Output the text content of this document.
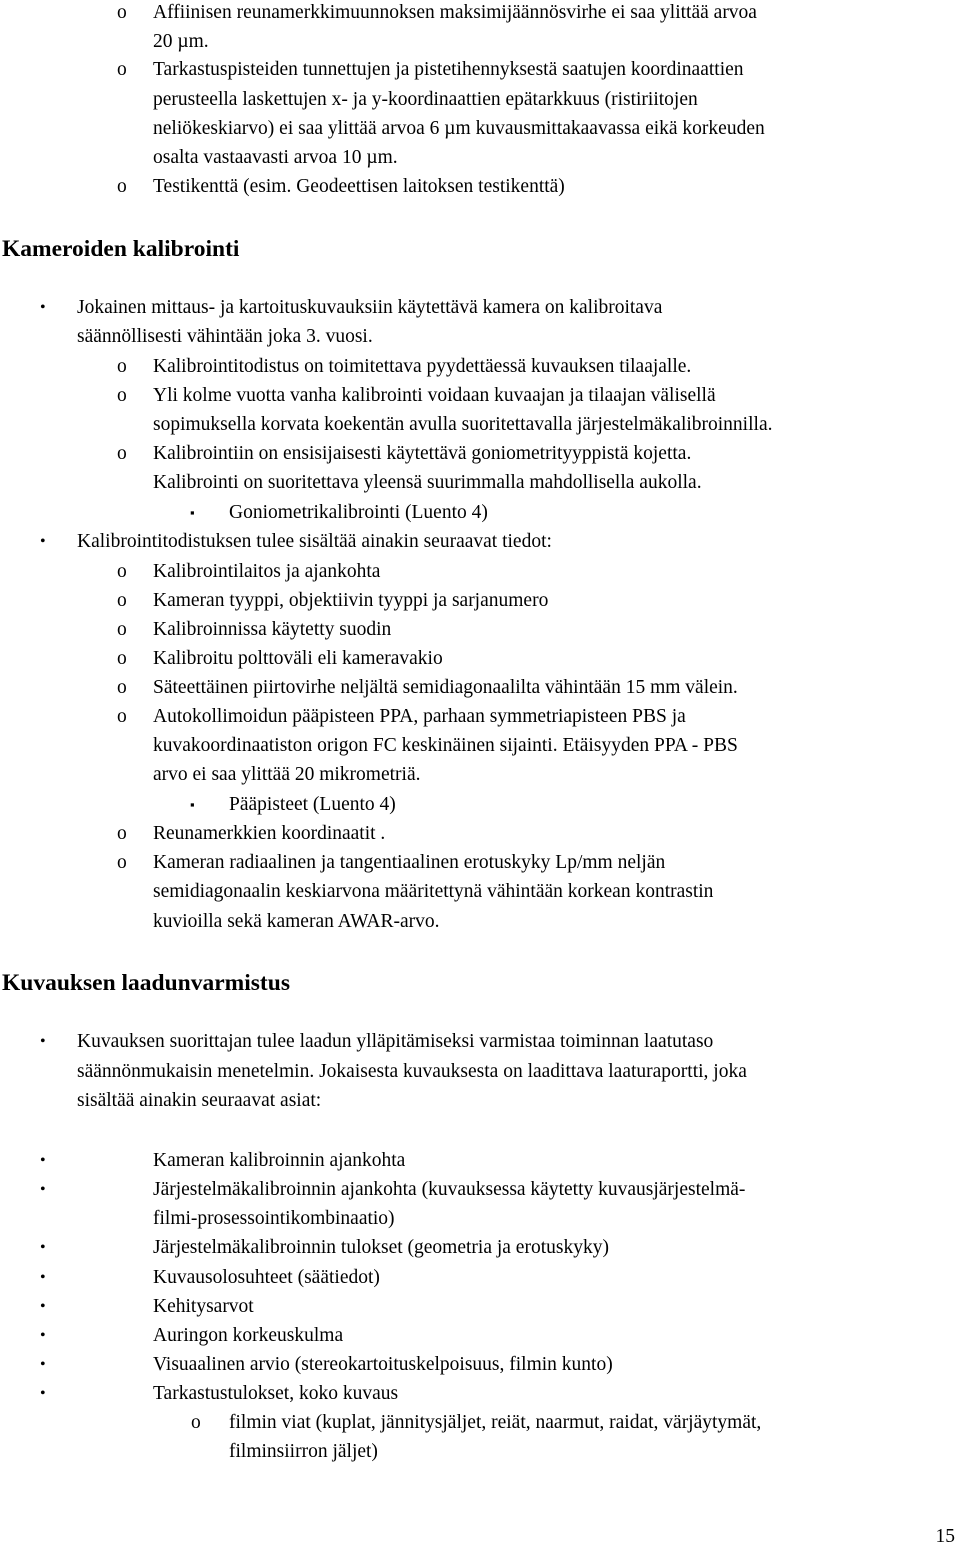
o Affiinisen reunamerkkimuunnoksen maksimijäännösvirhe ei saa ylittää arvoa
20 µm.
o Tarkastuspisteiden tunnettujen ja pistetihennyksestä saatujen koordinaattien
perusteella laskettujen x- ja y-koordinaattien epätarkkuus (ristiriitojen
neliökeskiarvo) ei saa ylittää arvoa 6 µm kuvausmittakaavassa eikä korkeuden
osalta vastaavasti arvoa 10 µm.
o Testikenttä (esim. Geodeettisen laitoksen testikenttä)
Kameroiden kalibrointi
• Jokainen mittaus- ja kartoituskuvauksiin käytettävä kamera on kalibroitava
säännöllisesti vähintään joka 3. vuosi.
o Kalibrointitodistus on toimitettava pyydettäessä kuvauksen tilaajalle.
o Yli kolme vuotta vanha kalibrointi voidaan kuvaajan ja tilaajan välisellä
sopimuksella korvata koekentän avulla suoritettavalla järjestelmäkalibroinnilla.
o Kalibrointiin on ensisijaisesti käytettävä goniometrityyppistä kojetta.
Kalibrointi on suoritettava yleensä suurimmalla mahdollisella aukolla.
▪ Goniometrikalibrointi (Luento 4)
• Kalibrointitodistuksen tulee sisältää ainakin seuraavat tiedot:
o Kalibrointilaitos ja ajankohta
o Kameran tyyppi, objektiivin tyyppi ja sarjanumero
o Kalibroinnissa käytetty suodin
o Kalibroitu polttoväli eli kameravakio
o Säteettäinen piirtovirhe neljältä semidiagonaalilta vähintään 15 mm välein.
o Autokollimoidun pääpisteen PPA, parhaan symmetriapisteen PBS ja
kuvakoordinaatiston origon FC keskinäinen sijainti. Etäisyyden PPA - PBS
arvo ei saa ylittää 20 mikrometriä.
▪ Pääpisteet (Luento 4)
o Reunamerkkien koordinaatit .
o Kameran radiaalinen ja tangentiaalinen erotuskyky Lp/mm neljän
semidiagonaalin keskiarvona määritettynä vähintään korkean kontrastin
kuvioilla sekä kameran AWAR-arvo.
Kuvauksen laadunvarmistus
• Kuvauksen suorittajan tulee laadun ylläpitämiseksi varmistaa toiminnan laatutaso
säännönmukaisin menetelmin. Jokaisesta kuvauksesta on laadittava laaturaportti, joka
sisältää ainakin seuraavat asiat:
•	Kameran kalibroinnin ajankohta
•	Järjestelmäkalibroinnin ajankohta (kuvauksessa käytetty kuvausjärjestelmä-
filmi-prosessointikombinaatio)
•	Järjestelmäkalibroinnin tulokset (geometria ja erotuskyky)
•	Kuvausolosuhteet (säätiedot)
•	Kehitysarvot
•	Auringon korkeuskulma
•	Visuaalinen arvio (stereokartoituskelpoisuus, filmin kunto)
•	Tarkastustulokset, koko kuvaus
o filmin viat (kuplat, jännitysjäljet, reiät, naarmut, raidat, värjäytymät,
filminsiirron jäljet)
15
